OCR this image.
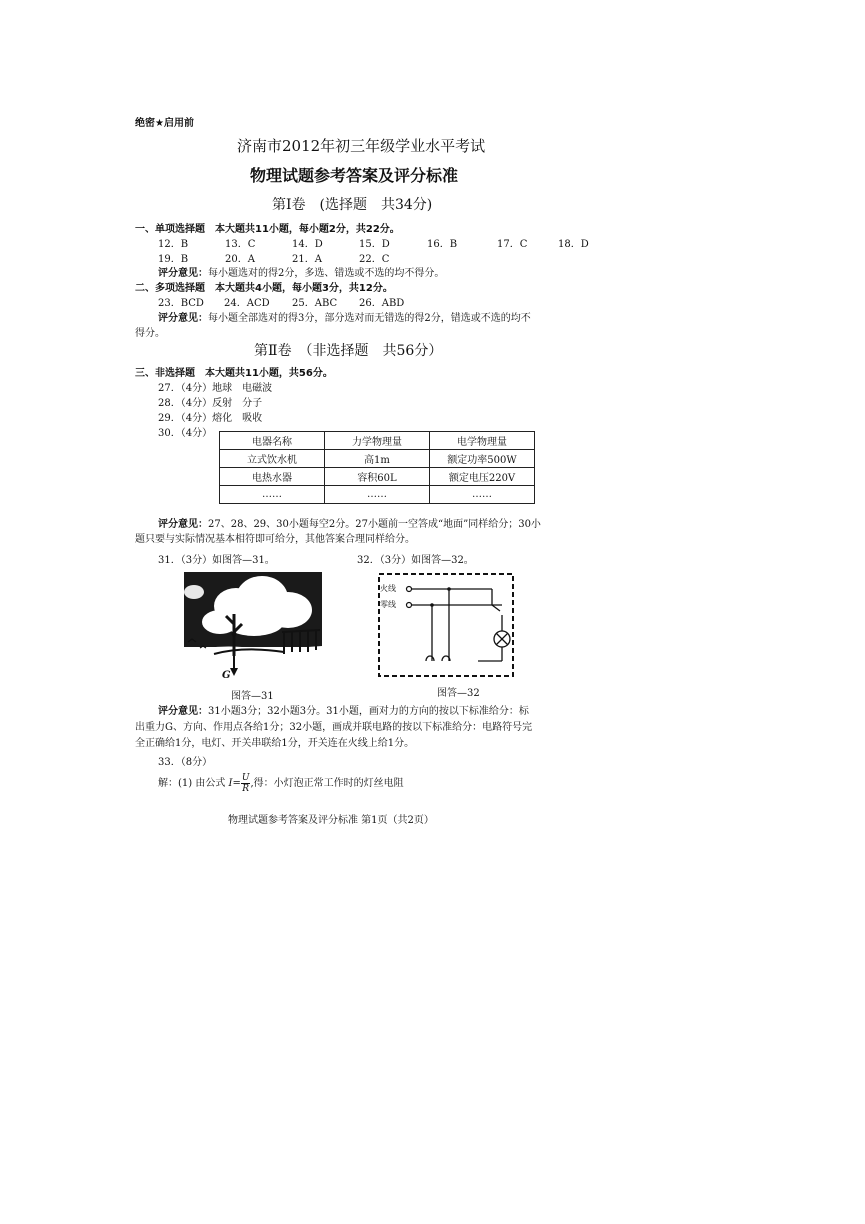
绝密★启用前
济南市2012年初三年级学业水平考试
物理试题参考答案及评分标准
第Ⅰ卷　(选择题　共34分)
一、单项选择题　本大题共11小题，每小题2分，共22分。
12．B	13．C	14．D	15．D	16．B	17．C	18．D
19．B	20．A	21．A	22．C
评分意见：每小题选对的得2分，多选、错选或不选的均不得分。
二、多项选择题　本大题共4小题，每小题3分，共12分。
23．BCD 24．ACD 25．ABC 26．ABD
评分意见：每小题全部选对的得3分，部分选对而无错选的得2分，错选或不选的均不
得分。
第Ⅱ卷　（非选择题　共56分）
三、非选择题　本大题共11小题，共56分。
27．（4分）地球　电磁波
28．（4分）反射　分子
29．（4分）熔化　吸收
30．（4分）
电器名称	力学物理量	电学物理量
立式饮水机	高1m	额定功率500W
电热水器	容积60L	额定电压220V
……	……	……
评分意见：27、28、29、30小题每空2分。27小题前一空答成“地面”同样给分；30小
题只要与实际情况基本相符即可给分，其他答案合理同样给分。
31．（3分）如图答—31。	32．（3分）如图答—32。
G
图答—31
火线
零线
图答—32
评分意见：31小题3分；32小题3分。31小题，画对力的方向的按以下标准给分：标
出重力G、方向、作用点各给1分；32小题，画成并联电路的按以下标准给分：电路符号完
全正确给1分，电灯、开关串联给1分，开关连在火线上给1分。
33．（8分）
解：(1) 由公式 $I= \frac{U}{R}$ ,得：小灯泡正常工作时的灯丝电阻
物理试题参考答案及评分标准 第1页（共2页）
